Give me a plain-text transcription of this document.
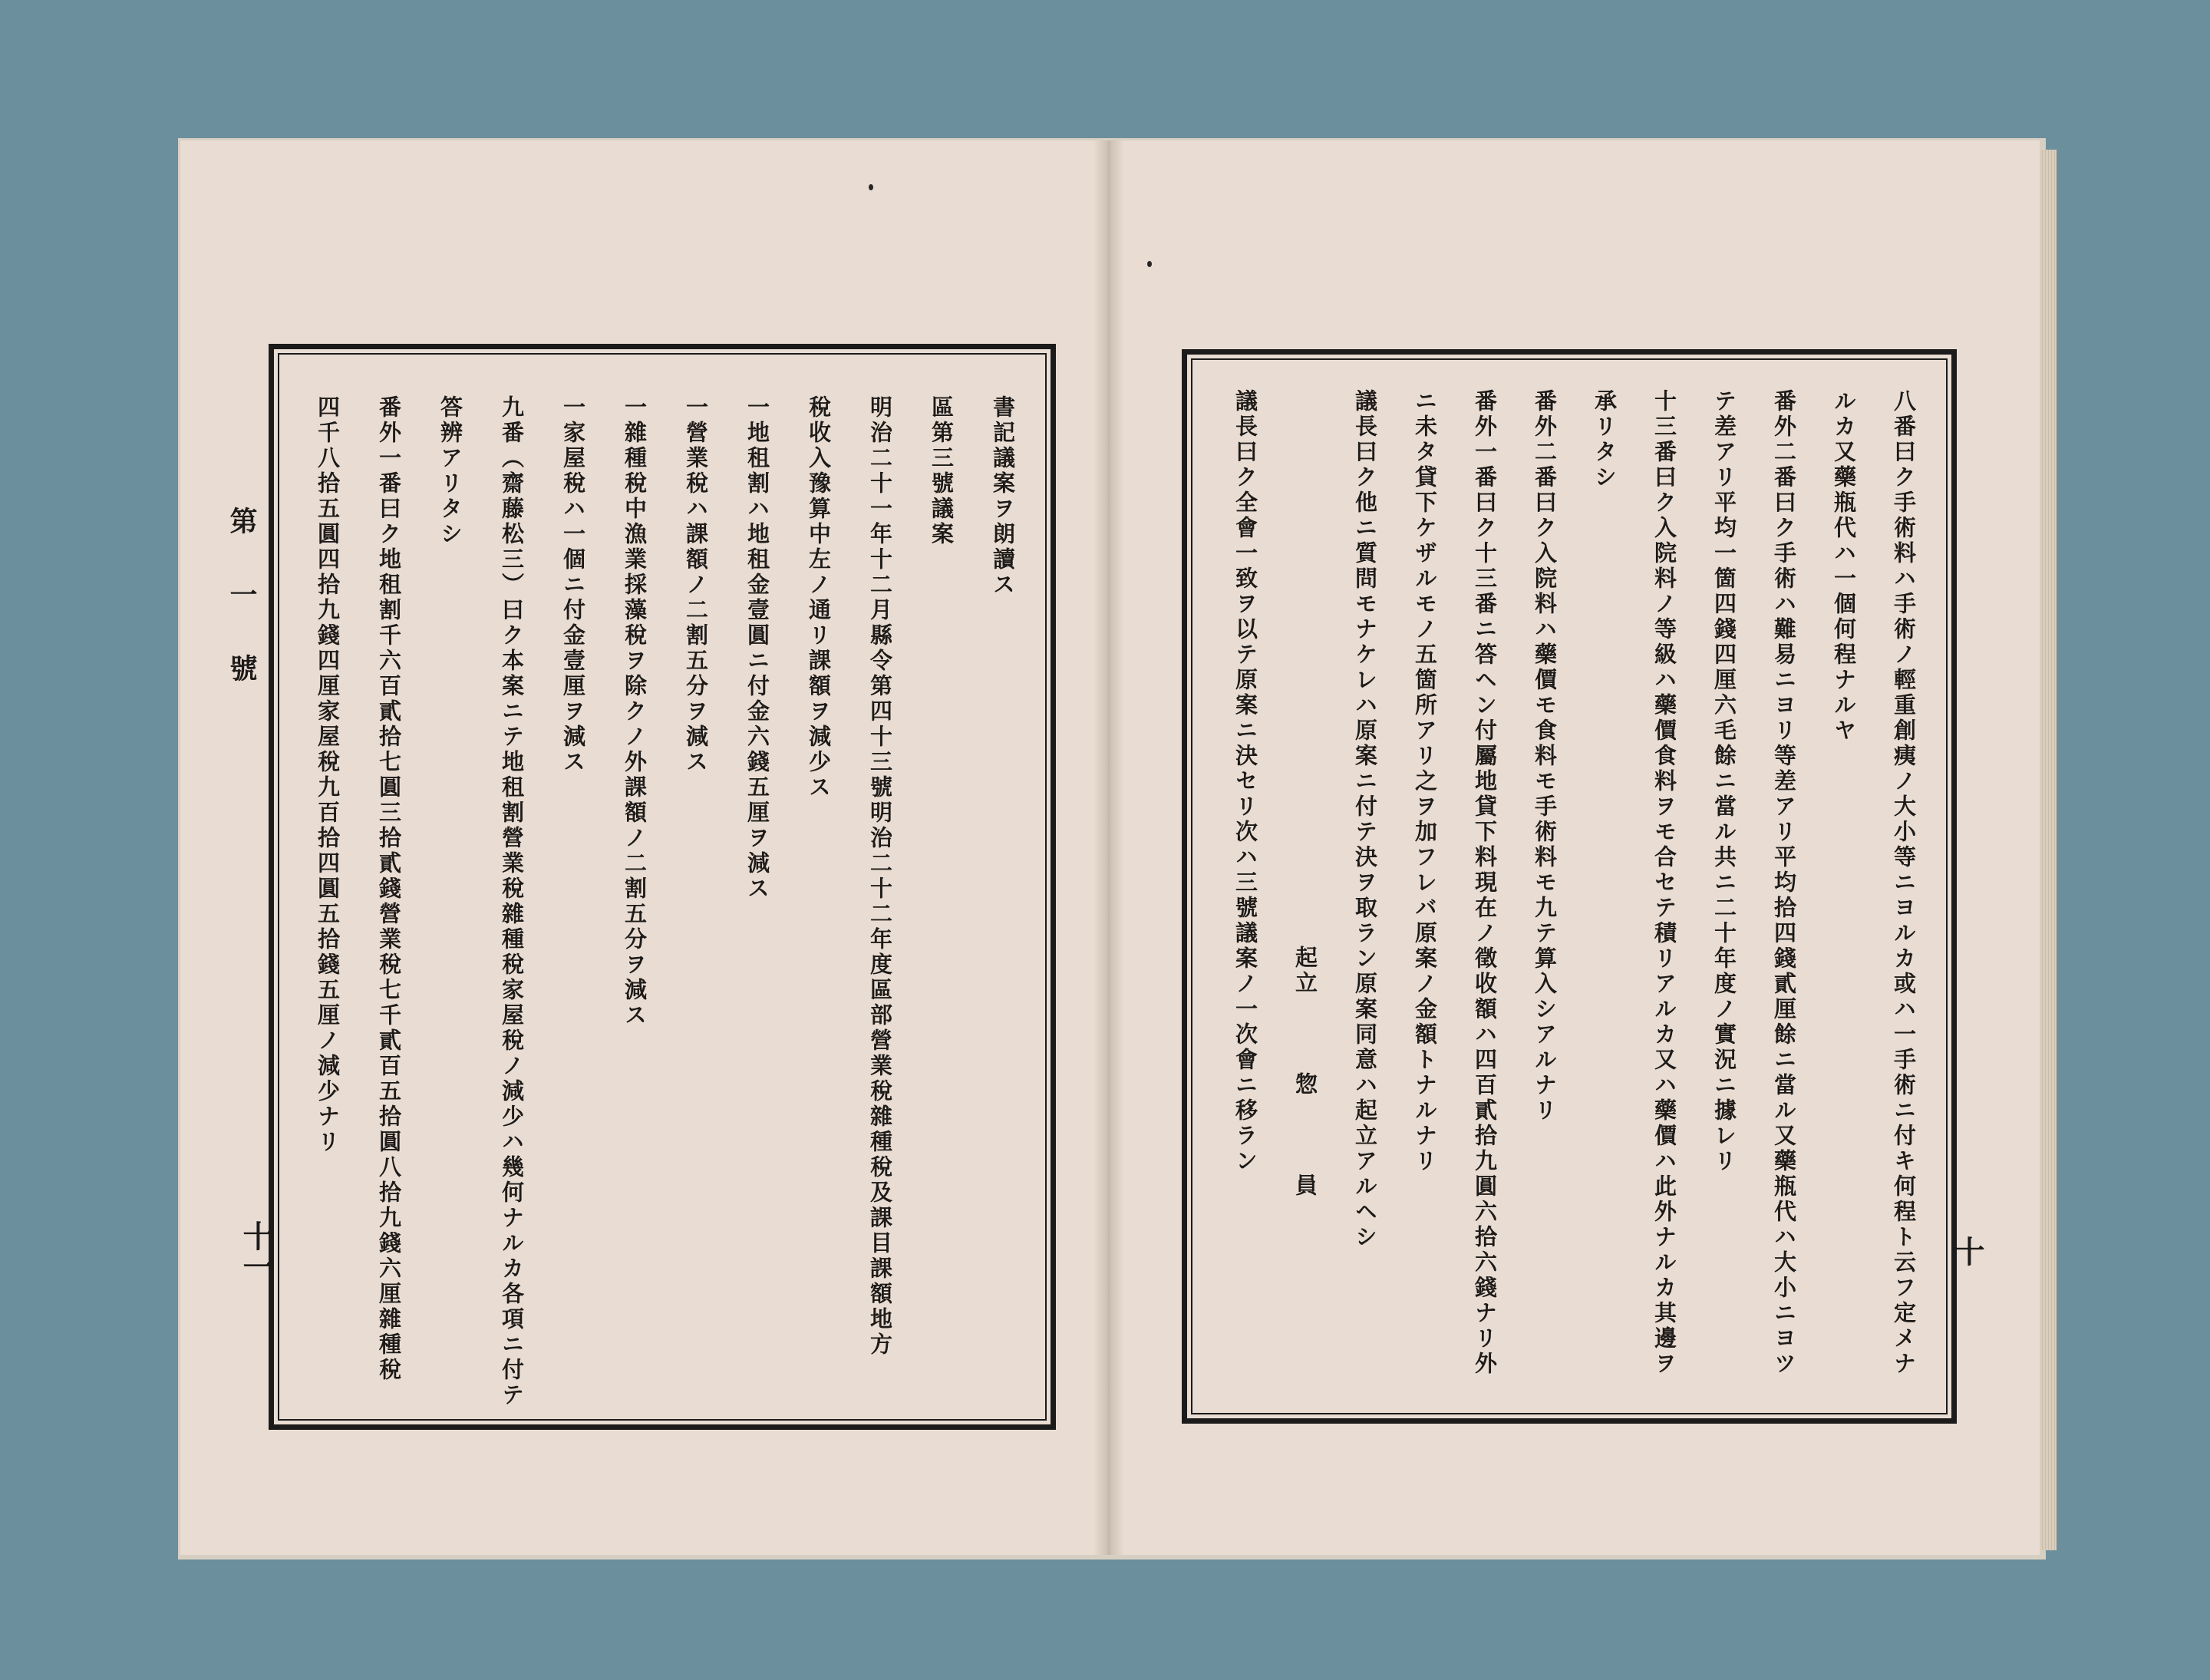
第一號
書記議案ヲ朗讀ス
區第三號議案
明治二十一年十二月縣令第四十三號明治二十二年度區部營業稅雜種稅及課目課額地方
稅收入豫算中左ノ通リ課額ヲ減少ス
一地租割ハ地租金壹圓ニ付金六錢五厘ヲ減ス
一營業稅ハ課額ノ二割五分ヲ減ス
一雜種稅中漁業採藻稅ヲ除クノ外課額ノ二割五分ヲ減ス
一家屋稅ハ一個ニ付金壹厘ヲ減ス
九番（齋藤松三）曰ク本案ニテ地租割營業稅雜種稅家屋稅ノ減少ハ幾何ナルカ各項ニ付テ
答辨アリタシ
番外一番曰ク地租割千六百貳拾七圓三拾貳錢營業稅七千貳百五拾圓八拾九錢六厘雜種稅
四千八拾五圓四拾九錢四厘家屋稅九百拾四圓五拾錢五厘ノ減少ナリ
十一	八番曰ク手術料ハ手術ノ輕重創痍ノ大小等ニヨルカ或ハ一手術ニ付キ何程ト云フ定メナ
ルカ又藥瓶代ハ一個何程ナルヤ
番外二番曰ク手術ハ難易ニヨリ等差アリ平均拾四錢貳厘餘ニ當ル又藥瓶代ハ大小ニヨツ
テ差アリ平均一箇四錢四厘六毛餘ニ當ル共ニ二十年度ノ實況ニ據レリ
十三番曰ク入院料ノ等級ハ藥價食料ヲモ合セテ積リアルカ又ハ藥價ハ此外ナルカ其邊ヲ
承リタシ
番外二番曰ク入院料ハ藥價モ食料モ手術料モ九テ算入シアルナリ
番外一番曰ク十三番ニ答ヘン付屬地貸下料現在ノ徵收額ハ四百貳拾九圓六拾六錢ナリ外
ニ未タ貸下ケザルモノ五箇所アリ之ヲ加フレバ原案ノ金額トナルナリ
議長曰ク他ニ質問モナケレハ原案ニ付テ決ヲ取ラン原案同意ハ起立アルヘシ
起立　　　惣　　　員
議長曰ク全會一致ヲ以テ原案ニ決セリ次ハ三號議案ノ一次會ニ移ラン
十
